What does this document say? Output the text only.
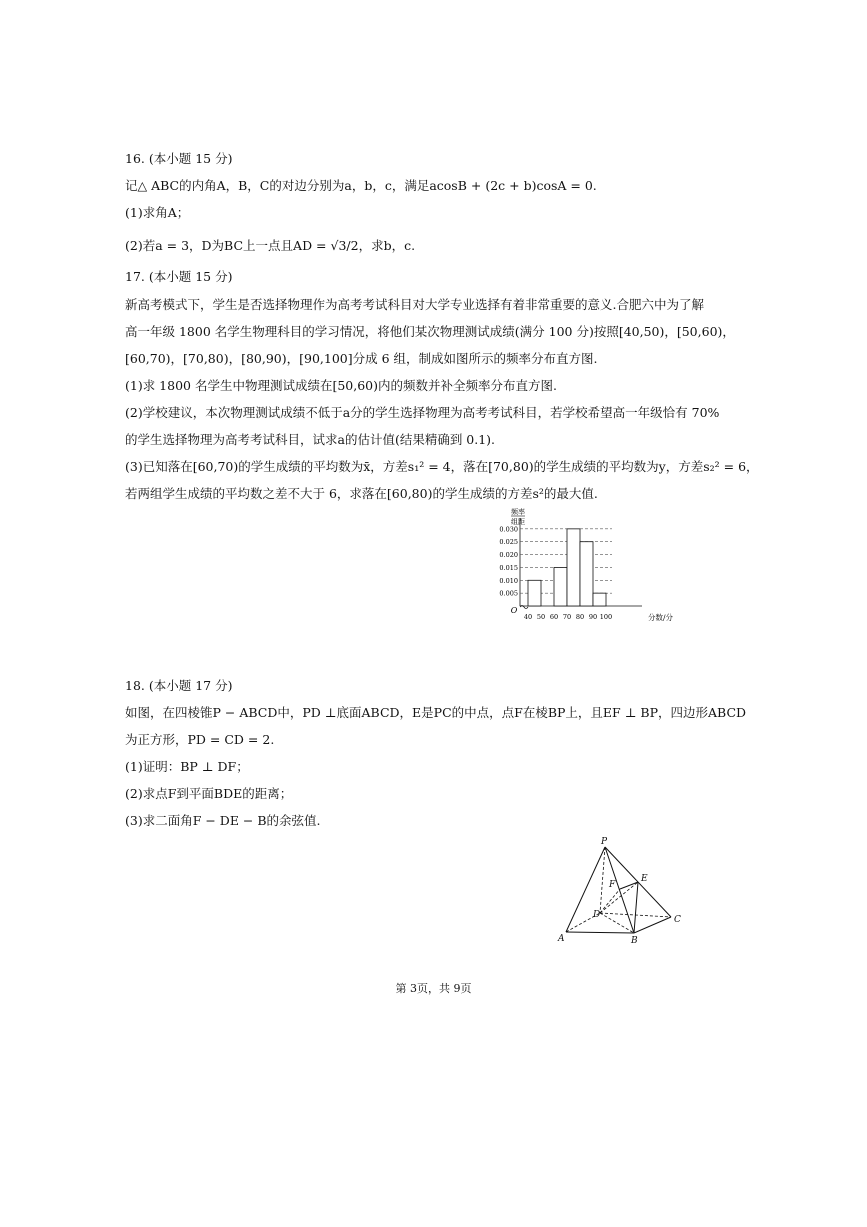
16. (本小题 15 分)
记△ ABC的内角A，B，C的对边分别为a，b，c，满足acosB + (2c + b)cosA = 0.
(1)求角A；
(2)若a = 3，D为BC上一点且AD = √3/2，求b，c.
17. (本小题 15 分)
新高考模式下，学生是否选择物理作为高考考试科目对大学专业选择有着非常重要的意义.合肥六中为了解
高一年级 1800 名学生物理科目的学习情况，将他们某次物理测试成绩(满分 100 分)按照[40,50)，[50,60)，
[60,70)，[70,80)，[80,90)，[90,100]分成 6 组，制成如图所示的频率分布直方图.
(1)求 1800 名学生中物理测试成绩在[50,60)内的频数并补全频率分布直方图.
(2)学校建议，本次物理测试成绩不低于a分的学生选择物理为高考考试科目，若学校希望高一年级恰有 70%
的学生选择物理为高考考试科目，试求a的估计值(结果精确到 0.1).
(3)已知落在[60,70)的学生成绩的平均数为x̄，方差s₁² = 4，落在[70,80)的学生成绩的平均数为y，方差s₂² = 6，
若两组学生成绩的平均数之差不大于 6，求落在[60,80)的学生成绩的方差s²的最大值.
频率
组距
O
分数/分
0.005
0.010
0.015
0.020
0.025
0.030
40 50 60 70 80 90 100
18. (本小题 17 分)
如图，在四棱锥P − ABCD中，PD ⊥底面ABCD，E是PC的中点，点F在棱BP上，且EF ⊥ BP，四边形ABCD
为正方形，PD = CD = 2.
(1)证明：BP ⊥ DF；
(2)求点F到平面BDE的距离；
(3)求二面角F − DE − B的余弦值.
P
A	B
C
D
E
F
第 3页，共 9页
